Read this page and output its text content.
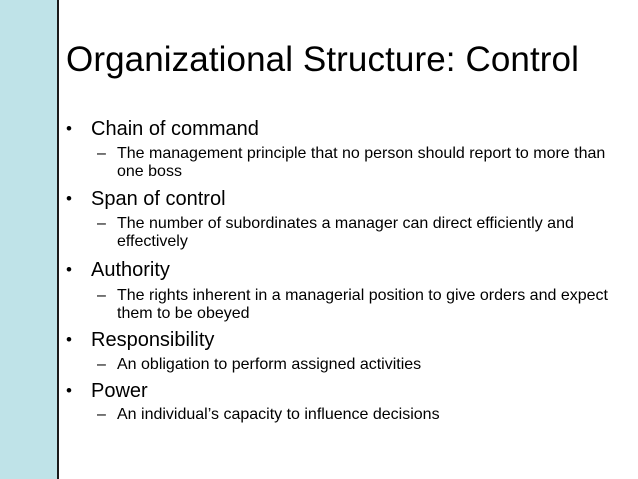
Organizational Structure: Control
• Chain of command
– The management principle that no person should report to more than one boss
• Span of control
– The number of subordinates a manager can direct efficiently and effectively
• Authority
– The rights inherent in a managerial position to give orders and expect them to be obeyed
• Responsibility
– An obligation to perform assigned activities
• Power
– An individual’s capacity to influence decisions
